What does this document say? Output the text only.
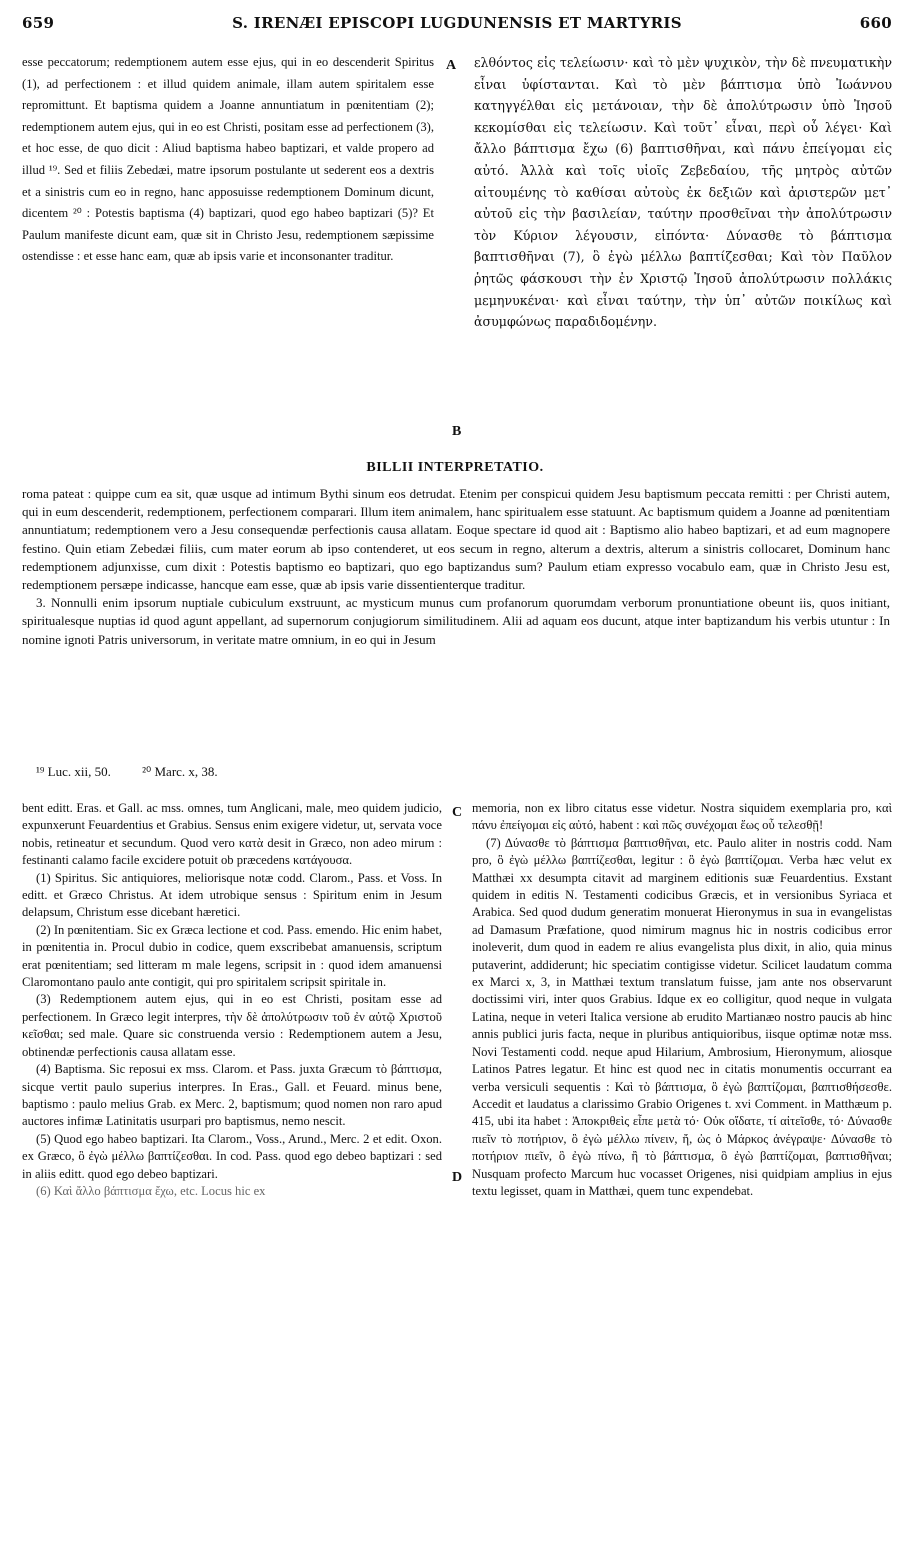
659	S. IRENÆI EPISCOPI LUGDUNENSIS ET MARTYRIS	660

esse peccatorum; redemptionem autem esse ejus, qui in eo descenderit Spiritus (1), ad perfectionem : et illud quidem animale, illam autem spiritalem esse repromittunt. Et baptisma quidem a Joanne annuntiatum in pœnitentiam (2); redemptionem autem ejus, qui in eo est Christi, positam esse ad perfectionem (3), et hoc esse, de quo dicit : Aliud baptisma habeo baptizari, et valde propero ad illud ¹⁹. Sed et filiis Zebedæi, matre ipsorum postulante ut sederent eos a dextris et a sinistris cum eo in regno, hanc apposuisse redemptionem Dominum dicunt, dicentem ²⁰ : Potestis baptisma (4) baptizari, quod ego habeo baptizari (5)? Et Paulum manifeste dicunt eam, quæ sit in Christo Jesu, redemptionem sæpissime ostendisse : et esse hanc eam, quæ ab ipsis varie et inconsonanter traditur.

A
B

ελθόντος εἰς τελείωσιν· καὶ τὸ μὲν ψυχικὸν, τὴν δὲ πνευματικὴν εἶναι ὑφίστανται. Καὶ τὸ μὲν βάπτισμα ὑπὸ Ἰωάννου κατηγγέλθαι εἰς μετάνοιαν, τὴν δὲ ἀπολύτρωσιν ὑπὸ Ἰησοῦ κεκομίσθαι εἰς τελείωσιν. Καὶ τοῦτ᾽ εἶναι, περὶ οὗ λέγει· Καὶ ἄλλο βάπτισμα ἔχω (6) βαπτισθῆναι, καὶ πάνυ ἐπείγομαι εἰς αὐτό. Ἀλλὰ καὶ τοῖς υἱοῖς Ζεβεδαίου, τῆς μητρὸς αὐτῶν αἰτουμένης τὸ καθίσαι αὐτοὺς ἐκ δεξιῶν καὶ ἀριστερῶν μετ᾽ αὐτοῦ εἰς τὴν βασιλείαν, ταύτην προσθεῖναι τὴν ἀπολύτρωσιν τὸν Κύριον λέγουσιν, εἰπόντα· Δύνασθε τὸ βάπτισμα βαπτισθῆναι (7), ὃ ἐγὼ μέλλω βαπτίζεσθαι; Καὶ τὸν Παῦλον ῥητῶς φάσκουσι τὴν ἐν Χριστῷ Ἰησοῦ ἀπολύτρωσιν πολλάκις μεμηνυκέναι· καὶ εἶναι ταύτην, τὴν ὑπ᾽ αὐτῶν ποικίλως καὶ ἀσυμφώνως παραδιδομένην.

BILLII INTERPRETATIO.

roma pateat : quippe cum ea sit, quæ usque ad intimum Bythi sinum eos detrudat. Etenim per conspicui quidem Jesu baptismum peccata remitti : per Christi autem, qui in eum descenderit, redemptionem, perfectionem comparari. Illum item animalem, hanc spiritualem esse statuunt. Ac baptismum quidem a Joanne ad pœnitentiam annuntiatum; redemptionem vero a Jesu consequendæ perfectionis causa allatam. Eoque spectare id quod ait : Baptismo alio habeo baptizari, et ad eum magnopere festino. Quin etiam Zebedæi filiis, cum mater eorum ab ipso contenderet, ut eos secum in regno, alterum a dextris, alterum a sinistris collocaret, Dominum hanc redemptionem adjunxisse, cum dixit : Potestis baptismo eo baptizari, quo ego baptizandus sum? Paulum etiam expresso vocabulo eam, quæ in Christo Jesu est, redemptionem persæpe indicasse, hancque eam esse, quæ ab ipsis varie dissentienterque traditur.

3. Nonnulli enim ipsorum nuptiale cubiculum exstruunt, ac mysticum munus cum profanorum quorumdam verborum pronuntiatione obeunt iis, quos initiant, spiritualesque nuptias id quod agunt appellant, ad supernorum conjugiorum similitudinem. Alii ad aquam eos ducunt, atque inter baptizandum his verbis utuntur : In nomine ignoti Patris universorum, in veritate matre omnium, in eo qui in Jesum

¹⁹ Luc. xii, 50. ²⁰ Marc. x, 38.

bent editt. Eras. et Gall. ac mss. omnes, tum Anglicani, male, meo quidem judicio, expunxerunt Feuardentius et Grabius. Sensus enim exigere videtur, ut, servata voce nobis, retineatur et secundum. Quod vero κατὰ desit in Græco, non adeo mirum : festinanti calamo facile excidere potuit ob præcedens κατάγουσα.

(1) Spiritus. Sic antiquiores, meliorisque notæ codd. Clarom., Pass. et Voss. In editt. et Græco Christus. At idem utrobique sensus : Spiritum enim in Jesum delapsum, Christum esse dicebant hæretici.

(2) In pœnitentiam. Sic ex Græca lectione et cod. Pass. emendo. Hic enim habet, in pœnitentia in. Procul dubio in codice, quem exscribebat amanuensis, scriptum erat pœnitentiam; sed litteram m male legens, scripsit in : quod idem amanuensi Claromontano paulo ante contigit, qui pro spiritalem scripsit spiritale in.

(3) Redemptionem autem ejus, qui in eo est Christi, positam esse ad perfectionem. In Græco legit interpres, τὴν δὲ ἀπολύτρωσιν τοῦ ἐν αὐτῷ Χριστοῦ κεῖσθαι; sed male. Quare sic construenda versio : Redemptionem autem a Jesu, obtinendæ perfectionis causa allatam esse.

(4) Baptisma. Sic reposui ex mss. Clarom. et Pass. juxta Græcum τὸ βάπτισμα, sicque vertit paulo superius interpres. In Eras., Gall. et Feuard. minus bene, baptismo : paulo melius Grab. ex Merc. 2, baptismum; quod nomen non raro apud auctores infimæ Latinitatis usurpari pro baptismus, nemo nescit.

(5) Quod ego habeo baptizari. Ita Clarom., Voss., Arund., Merc. 2 et edit. Oxon. ex Græco, ὃ ἐγὼ μέλλω βαπτίζεσθαι. In cod. Pass. quod ego debeo baptizari : sed in aliis editt. quod ego debeo baptizari.

(6) Καὶ ἄλλο βάπτισμα ἔχω, etc. Locus hic ex

C
D

memoria, non ex libro citatus esse videtur. Nostra siquidem exemplaria pro, καὶ πάνυ ἐπείγομαι εἰς αὐτό, habent : καὶ πῶς συνέχομαι ἕως οὗ τελεσθῇ!

(7) Δύνασθε τὸ βάπτισμα βαπτισθῆναι, etc. Paulo aliter in nostris codd. Nam pro, ὃ ἐγὼ μέλλω βαπτίζεσθαι, legitur : ὃ ἐγὼ βαπτίζομαι. Verba hæc velut ex Matthæi xx desumpta citavit ad marginem editionis suæ Feuardentius. Exstant quidem in editis N. Testamenti codicibus Græcis, et in versionibus Syriaca et Arabica. Sed quod dudum generatim monuerat Hieronymus in sua in evangelistas ad Damasum Præfatione, quod nimirum magnus hic in nostris codicibus error inoleverit, dum quod in eadem re alius evangelista plus dixit, in alio, quia minus putaverint, addiderunt; hic speciatim contigisse videtur. Scilicet laudatum comma ex Marci x, 3, in Matthæi textum translatum fuisse, jam ante nos observarunt doctissimi viri, inter quos Grabius. Idque ex eo colligitur, quod neque in vulgata Latina, neque in veteri Italica versione ab erudito Martianæo nostro paucis ab hinc annis publici juris facta, neque in pluribus antiquioribus, iisque optimæ notæ mss. Novi Testamenti codd. neque apud Hilarium, Ambrosium, Hieronymum, aliosque Latinos Patres legatur. Et hinc est quod nec in citatis monumentis occurrant ea verba versiculi sequentis : Καὶ τὸ βάπτισμα, ὃ ἐγὼ βαπτίζομαι, βαπτισθήσεσθε. Accedit et laudatus a clarissimo Grabio Origenes t. xvi Comment. in Matthæum p. 415, ubi ita habet : Ἀποκριθεὶς εἶπε μετὰ τό· Οὐκ οἴδατε, τί αἰτεῖσθε, τό· Δύνασθε πιεῖν τὸ ποτήριον, ὃ ἐγὼ μέλλω πίνειν, ἤ, ὡς ὁ Μάρκος ἀνέγραψε· Δύνασθε τὸ ποτήριον πιεῖν, ὃ ἐγὼ πίνω, ἢ τὸ βάπτισμα, ὃ ἐγὼ βαπτίζομαι, βαπτισθῆναι; Nusquam profecto Marcum huc vocasset Origenes, nisi quidpiam amplius in ejus textu legisset, quam in Matthæi, quem tunc expendebat.
